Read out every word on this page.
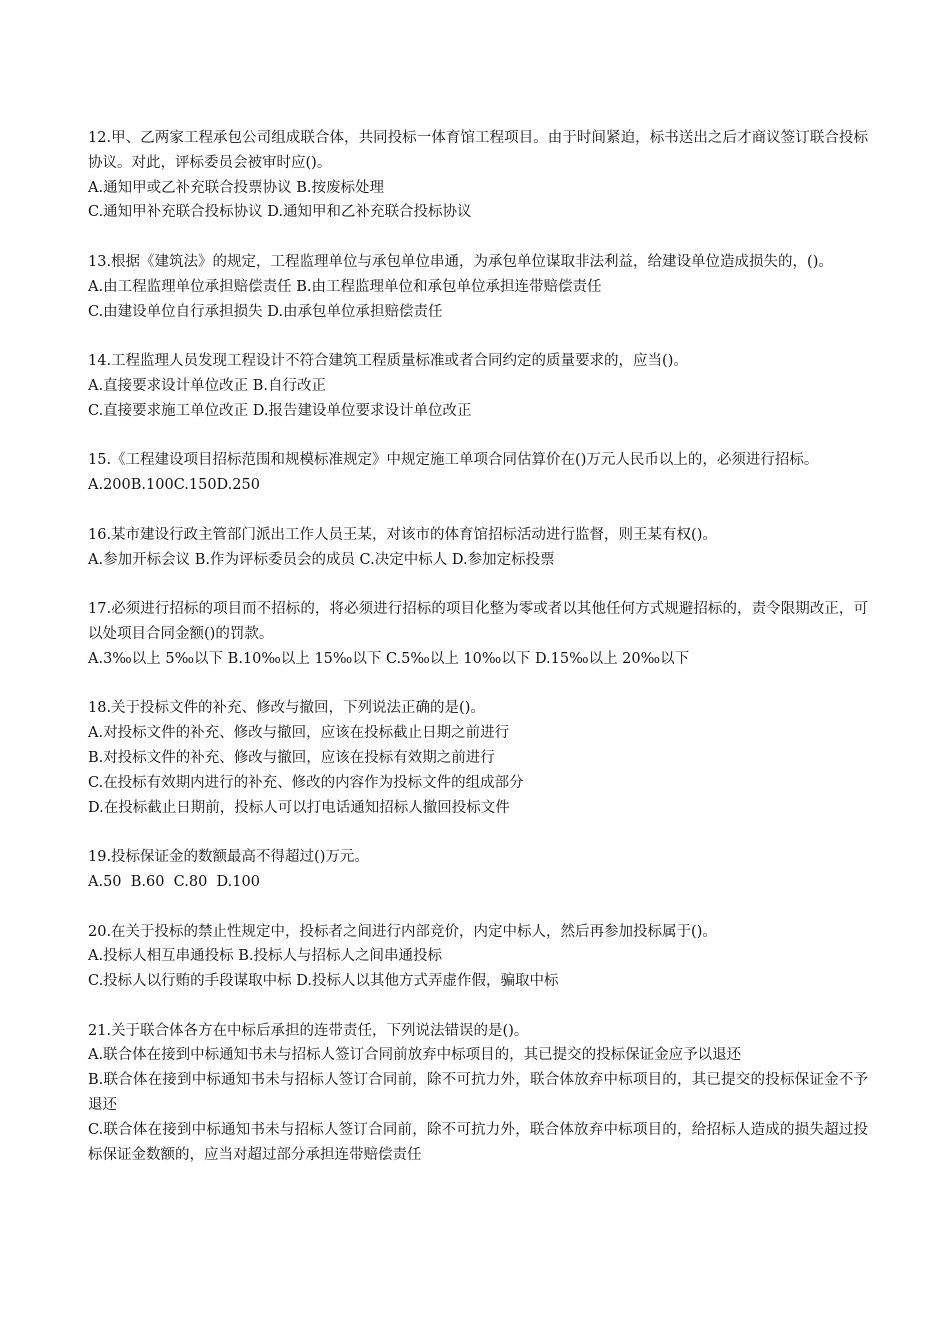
12.甲、乙两家工程承包公司组成联合体，共同投标一体育馆工程项目。由于时间紧迫，标书送出之后才商议签订联合投标协议。对此，评标委员会被审时应()。

A.通知甲或乙补充联合投票协议 B.按废标处理

C.通知甲补充联合投标协议 D.通知甲和乙补充联合投标协议

13.根据《建筑法》的规定，工程监理单位与承包单位串通，为承包单位谋取非法利益，给建设单位造成损失的，()。

A.由工程监理单位承担赔偿责任 B.由工程监理单位和承包单位承担连带赔偿责任

C.由建设单位自行承担损失 D.由承包单位承担赔偿责任

14.工程监理人员发现工程设计不符合建筑工程质量标准或者合同约定的质量要求的，应当()。

A.直接要求设计单位改正 B.自行改正

C.直接要求施工单位改正 D.报告建设单位要求设计单位改正

15.《工程建设项目招标范围和规模标准规定》中规定施工单项合同估算价在()万元人民币以上的，必须进行招标。

A.200B.100C.150D.250

16.某市建设行政主管部门派出工作人员王某，对该市的体育馆招标活动进行监督，则王某有权()。

A.参加开标会议 B.作为评标委员会的成员 C.决定中标人 D.参加定标投票

17.必须进行招标的项目而不招标的，将必须进行招标的项目化整为零或者以其他任何方式规避招标的，责令限期改正，可以处项目合同金额()的罚款。

A.3‰以上 5‰以下 B.10‰以上 15‰以下 C.5‰以上 10‰以下 D.15‰以上 20‰以下

18.关于投标文件的补充、修改与撤回，下列说法正确的是()。

A.对投标文件的补充、修改与撤回，应该在投标截止日期之前进行

B.对投标文件的补充、修改与撤回，应该在投标有效期之前进行

C.在投标有效期内进行的补充、修改的内容作为投标文件的组成部分

D.在投标截止日期前，投标人可以打电话通知招标人撤回投标文件

19.投标保证金的数额最高不得超过()万元。

A.50  B.60  C.80  D.100

20.在关于投标的禁止性规定中，投标者之间进行内部竞价，内定中标人，然后再参加投标属于()。

A.投标人相互串通投标 B.投标人与招标人之间串通投标

C.投标人以行贿的手段谋取中标 D.投标人以其他方式弄虚作假，骗取中标

21.关于联合体各方在中标后承担的连带责任，下列说法错误的是()。

A.联合体在接到中标通知书未与招标人签订合同前放弃中标项目的，其已提交的投标保证金应予以退还

B.联合体在接到中标通知书未与招标人签订合同前，除不可抗力外，联合体放弃中标项目的，其已提交的投标保证金不予退还

C.联合体在接到中标通知书未与招标人签订合同前，除不可抗力外，联合体放弃中标项目的，给招标人造成的损失超过投标保证金数额的，应当对超过部分承担连带赔偿责任
